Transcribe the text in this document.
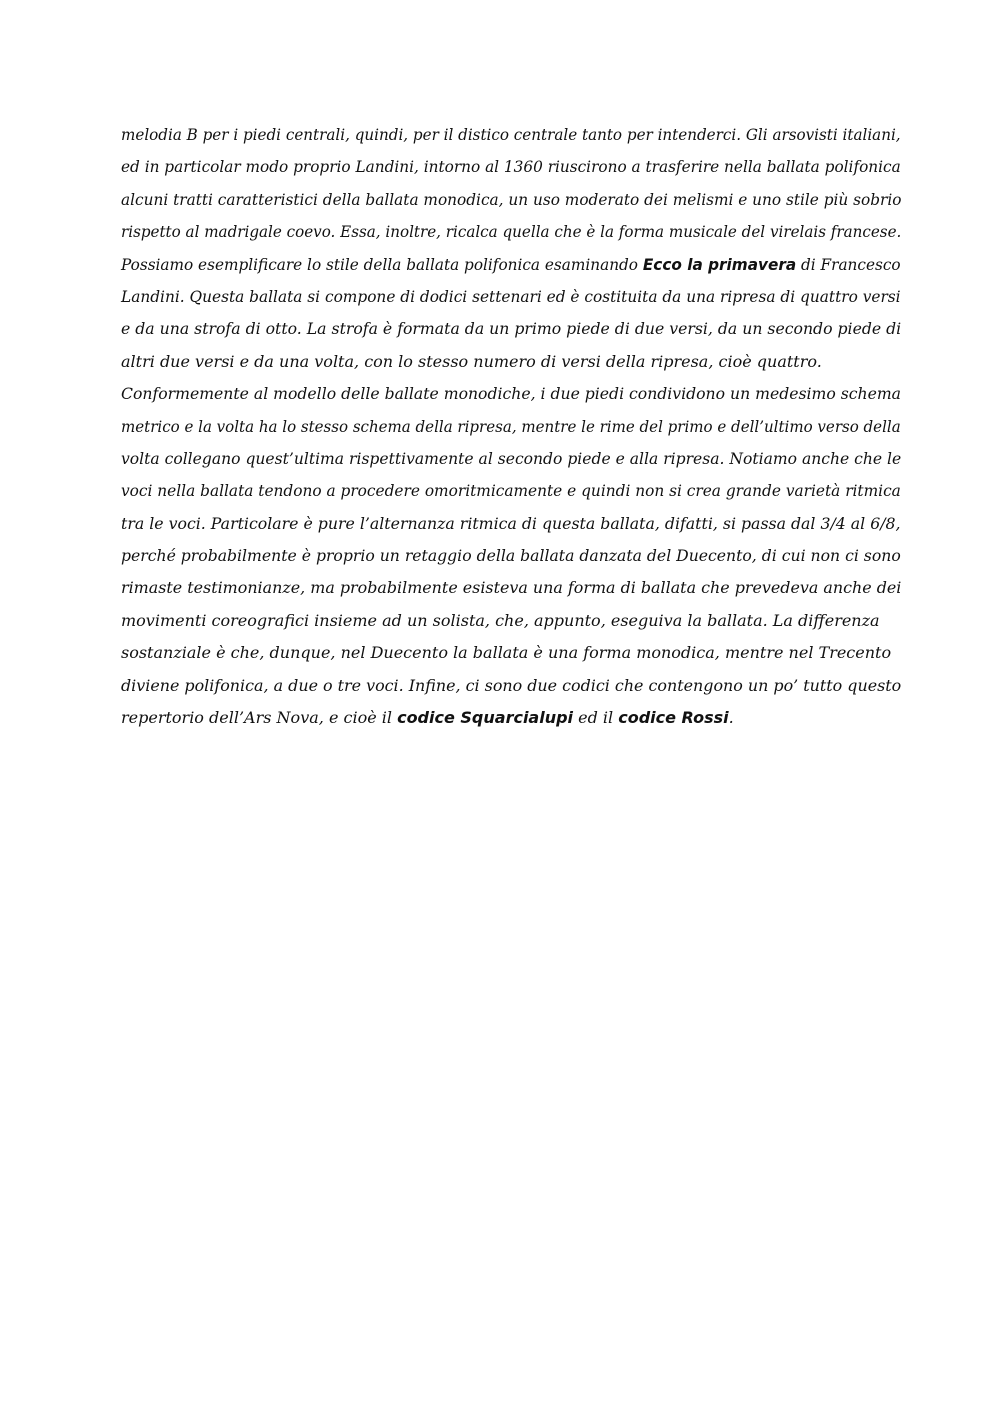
melodia B per i piedi centrali, quindi, per il distico centrale tanto per intenderci. Gli arsovisti italiani,
ed in particolar modo proprio Landini, intorno al 1360 riuscirono a trasferire nella ballata polifonica
alcuni tratti caratteristici della ballata monodica, un uso moderato dei melismi e uno stile più sobrio
rispetto al madrigale coevo. Essa, inoltre, ricalca quella che è la forma musicale del virelais francese.
Possiamo esemplificare lo stile della ballata polifonica esaminando Ecco la primavera di Francesco
Landini. Questa ballata si compone di dodici settenari ed è costituita da una ripresa di quattro versi
e da una strofa di otto. La strofa è formata da un primo piede di due versi, da un secondo piede di
altri due versi e da una volta, con lo stesso numero di versi della ripresa, cioè quattro.
Conformemente al modello delle ballate monodiche, i due piedi condividono un medesimo schema
metrico e la volta ha lo stesso schema della ripresa, mentre le rime del primo e dell’ultimo verso della
volta collegano quest’ultima rispettivamente al secondo piede e alla ripresa. Notiamo anche che le
voci nella ballata tendono a procedere omoritmicamente e quindi non si crea grande varietà ritmica
tra le voci. Particolare è pure l’alternanza ritmica di questa ballata, difatti, si passa dal 3/4 al 6/8,
perché probabilmente è proprio un retaggio della ballata danzata del Duecento, di cui non ci sono
rimaste testimonianze, ma probabilmente esisteva una forma di ballata che prevedeva anche dei
movimenti coreografici insieme ad un solista, che, appunto, eseguiva la ballata. La differenza
sostanziale è che, dunque, nel Duecento la ballata è una forma monodica, mentre nel Trecento
diviene polifonica, a due o tre voci. Infine, ci sono due codici che contengono un po’ tutto questo
repertorio dell’Ars Nova, e cioè il codice Squarcialupi ed il codice Rossi.
